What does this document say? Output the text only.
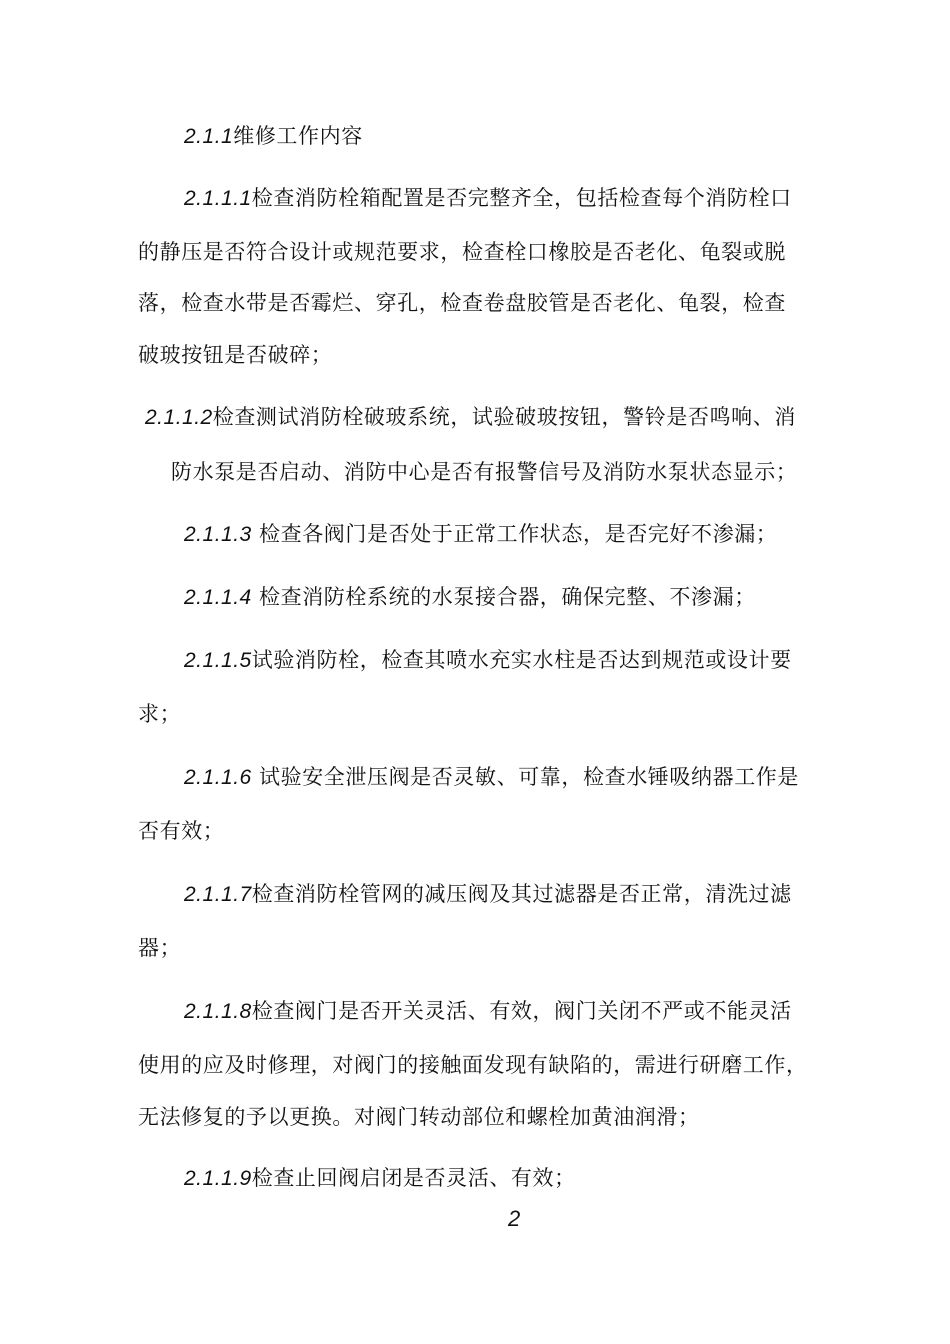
2.1.1维修工作内容
2.1.1.1检查消防栓箱配置是否完整齐全，包括检查每个消防栓口
的静压是否符合设计或规范要求，检查栓口橡胶是否老化、龟裂或脱
落，检查水带是否霉烂、穿孔，检查卷盘胶管是否老化、龟裂，检查
破玻按钮是否破碎；
2.1.1.2检查测试消防栓破玻系统，试验破玻按钮，警铃是否鸣响、消
防水泵是否启动、消防中心是否有报警信号及消防水泵状态显示；
2.1.1.3 检查各阀门是否处于正常工作状态，是否完好不渗漏；
2.1.1.4 检查消防栓系统的水泵接合器，确保完整、不渗漏；
2.1.1.5试验消防栓，检查其喷水充实水柱是否达到规范或设计要
求；
2.1.1.6 试验安全泄压阀是否灵敏、可靠，检查水锤吸纳器工作是
否有效；
2.1.1.7检查消防栓管网的减压阀及其过滤器是否正常，清洗过滤
器；
2.1.1.8检查阀门是否开关灵活、有效，阀门关闭不严或不能灵活
使用的应及时修理，对阀门的接触面发现有缺陷的，需进行研磨工作，
无法修复的予以更换。对阀门转动部位和螺栓加黄油润滑；
2.1.1.9检查止回阀启闭是否灵活、有效；
2
